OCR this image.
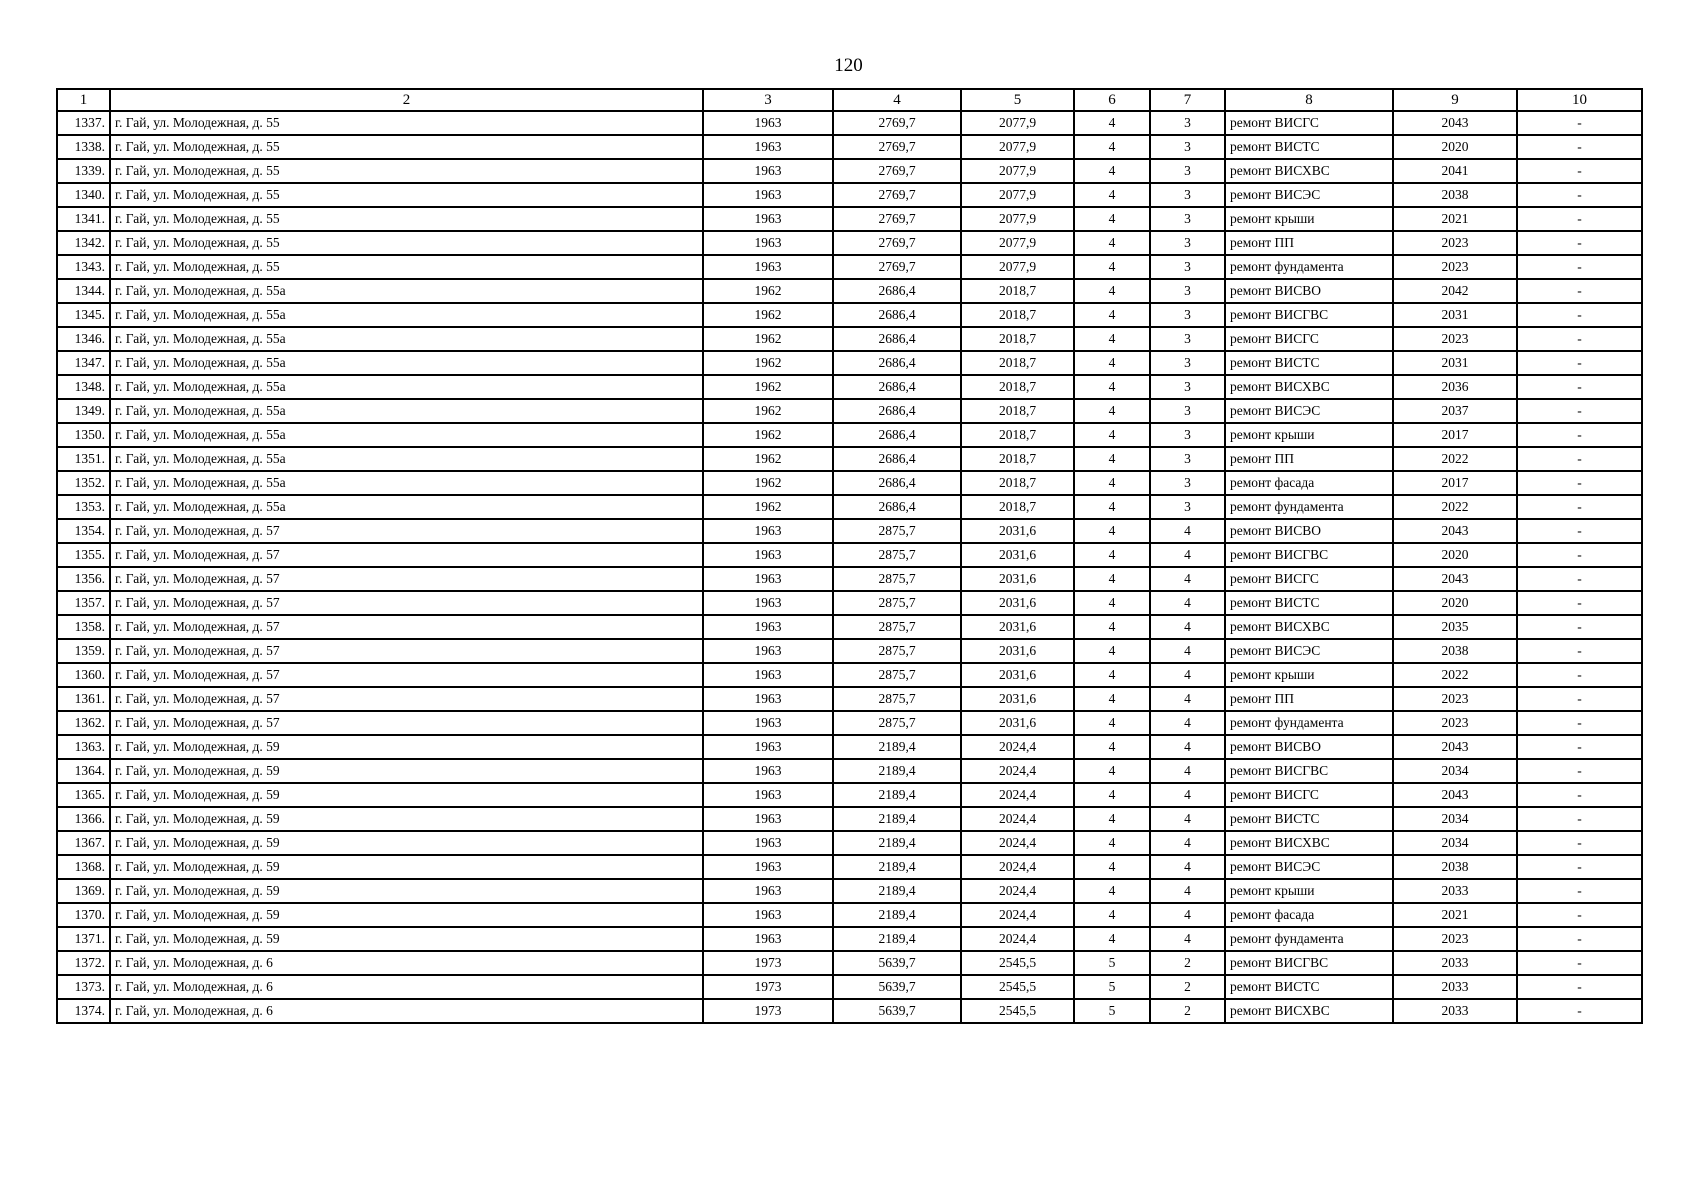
120
1	2	3	4	5	6	7	8	9	10
1337.	г. Гай, ул. Молодежная, д. 55	1963	2769,7	2077,9	4	3	ремонт ВИСГС	2043	-
1338.	г. Гай, ул. Молодежная, д. 55	1963	2769,7	2077,9	4	3	ремонт ВИСТС	2020	-
1339.	г. Гай, ул. Молодежная, д. 55	1963	2769,7	2077,9	4	3	ремонт ВИСХВС	2041	-
1340.	г. Гай, ул. Молодежная, д. 55	1963	2769,7	2077,9	4	3	ремонт ВИСЭС	2038	-
1341.	г. Гай, ул. Молодежная, д. 55	1963	2769,7	2077,9	4	3	ремонт крыши	2021	-
1342.	г. Гай, ул. Молодежная, д. 55	1963	2769,7	2077,9	4	3	ремонт ПП	2023	-
1343.	г. Гай, ул. Молодежная, д. 55	1963	2769,7	2077,9	4	3	ремонт фундамента	2023	-
1344.	г. Гай, ул. Молодежная, д. 55а	1962	2686,4	2018,7	4	3	ремонт ВИСВО	2042	-
1345.	г. Гай, ул. Молодежная, д. 55а	1962	2686,4	2018,7	4	3	ремонт ВИСГВС	2031	-
1346.	г. Гай, ул. Молодежная, д. 55а	1962	2686,4	2018,7	4	3	ремонт ВИСГС	2023	-
1347.	г. Гай, ул. Молодежная, д. 55а	1962	2686,4	2018,7	4	3	ремонт ВИСТС	2031	-
1348.	г. Гай, ул. Молодежная, д. 55а	1962	2686,4	2018,7	4	3	ремонт ВИСХВС	2036	-
1349.	г. Гай, ул. Молодежная, д. 55а	1962	2686,4	2018,7	4	3	ремонт ВИСЭС	2037	-
1350.	г. Гай, ул. Молодежная, д. 55а	1962	2686,4	2018,7	4	3	ремонт крыши	2017	-
1351.	г. Гай, ул. Молодежная, д. 55а	1962	2686,4	2018,7	4	3	ремонт ПП	2022	-
1352.	г. Гай, ул. Молодежная, д. 55а	1962	2686,4	2018,7	4	3	ремонт фасада	2017	-
1353.	г. Гай, ул. Молодежная, д. 55а	1962	2686,4	2018,7	4	3	ремонт фундамента	2022	-
1354.	г. Гай, ул. Молодежная, д. 57	1963	2875,7	2031,6	4	4	ремонт ВИСВО	2043	-
1355.	г. Гай, ул. Молодежная, д. 57	1963	2875,7	2031,6	4	4	ремонт ВИСГВС	2020	-
1356.	г. Гай, ул. Молодежная, д. 57	1963	2875,7	2031,6	4	4	ремонт ВИСГС	2043	-
1357.	г. Гай, ул. Молодежная, д. 57	1963	2875,7	2031,6	4	4	ремонт ВИСТС	2020	-
1358.	г. Гай, ул. Молодежная, д. 57	1963	2875,7	2031,6	4	4	ремонт ВИСХВС	2035	-
1359.	г. Гай, ул. Молодежная, д. 57	1963	2875,7	2031,6	4	4	ремонт ВИСЭС	2038	-
1360.	г. Гай, ул. Молодежная, д. 57	1963	2875,7	2031,6	4	4	ремонт крыши	2022	-
1361.	г. Гай, ул. Молодежная, д. 57	1963	2875,7	2031,6	4	4	ремонт ПП	2023	-
1362.	г. Гай, ул. Молодежная, д. 57	1963	2875,7	2031,6	4	4	ремонт фундамента	2023	-
1363.	г. Гай, ул. Молодежная, д. 59	1963	2189,4	2024,4	4	4	ремонт ВИСВО	2043	-
1364.	г. Гай, ул. Молодежная, д. 59	1963	2189,4	2024,4	4	4	ремонт ВИСГВС	2034	-
1365.	г. Гай, ул. Молодежная, д. 59	1963	2189,4	2024,4	4	4	ремонт ВИСГС	2043	-
1366.	г. Гай, ул. Молодежная, д. 59	1963	2189,4	2024,4	4	4	ремонт ВИСТС	2034	-
1367.	г. Гай, ул. Молодежная, д. 59	1963	2189,4	2024,4	4	4	ремонт ВИСХВС	2034	-
1368.	г. Гай, ул. Молодежная, д. 59	1963	2189,4	2024,4	4	4	ремонт ВИСЭС	2038	-
1369.	г. Гай, ул. Молодежная, д. 59	1963	2189,4	2024,4	4	4	ремонт крыши	2033	-
1370.	г. Гай, ул. Молодежная, д. 59	1963	2189,4	2024,4	4	4	ремонт фасада	2021	-
1371.	г. Гай, ул. Молодежная, д. 59	1963	2189,4	2024,4	4	4	ремонт фундамента	2023	-
1372.	г. Гай, ул. Молодежная, д. 6	1973	5639,7	2545,5	5	2	ремонт ВИСГВС	2033	-
1373.	г. Гай, ул. Молодежная, д. 6	1973	5639,7	2545,5	5	2	ремонт ВИСТС	2033	-
1374.	г. Гай, ул. Молодежная, д. 6	1973	5639,7	2545,5	5	2	ремонт ВИСХВС	2033	-
